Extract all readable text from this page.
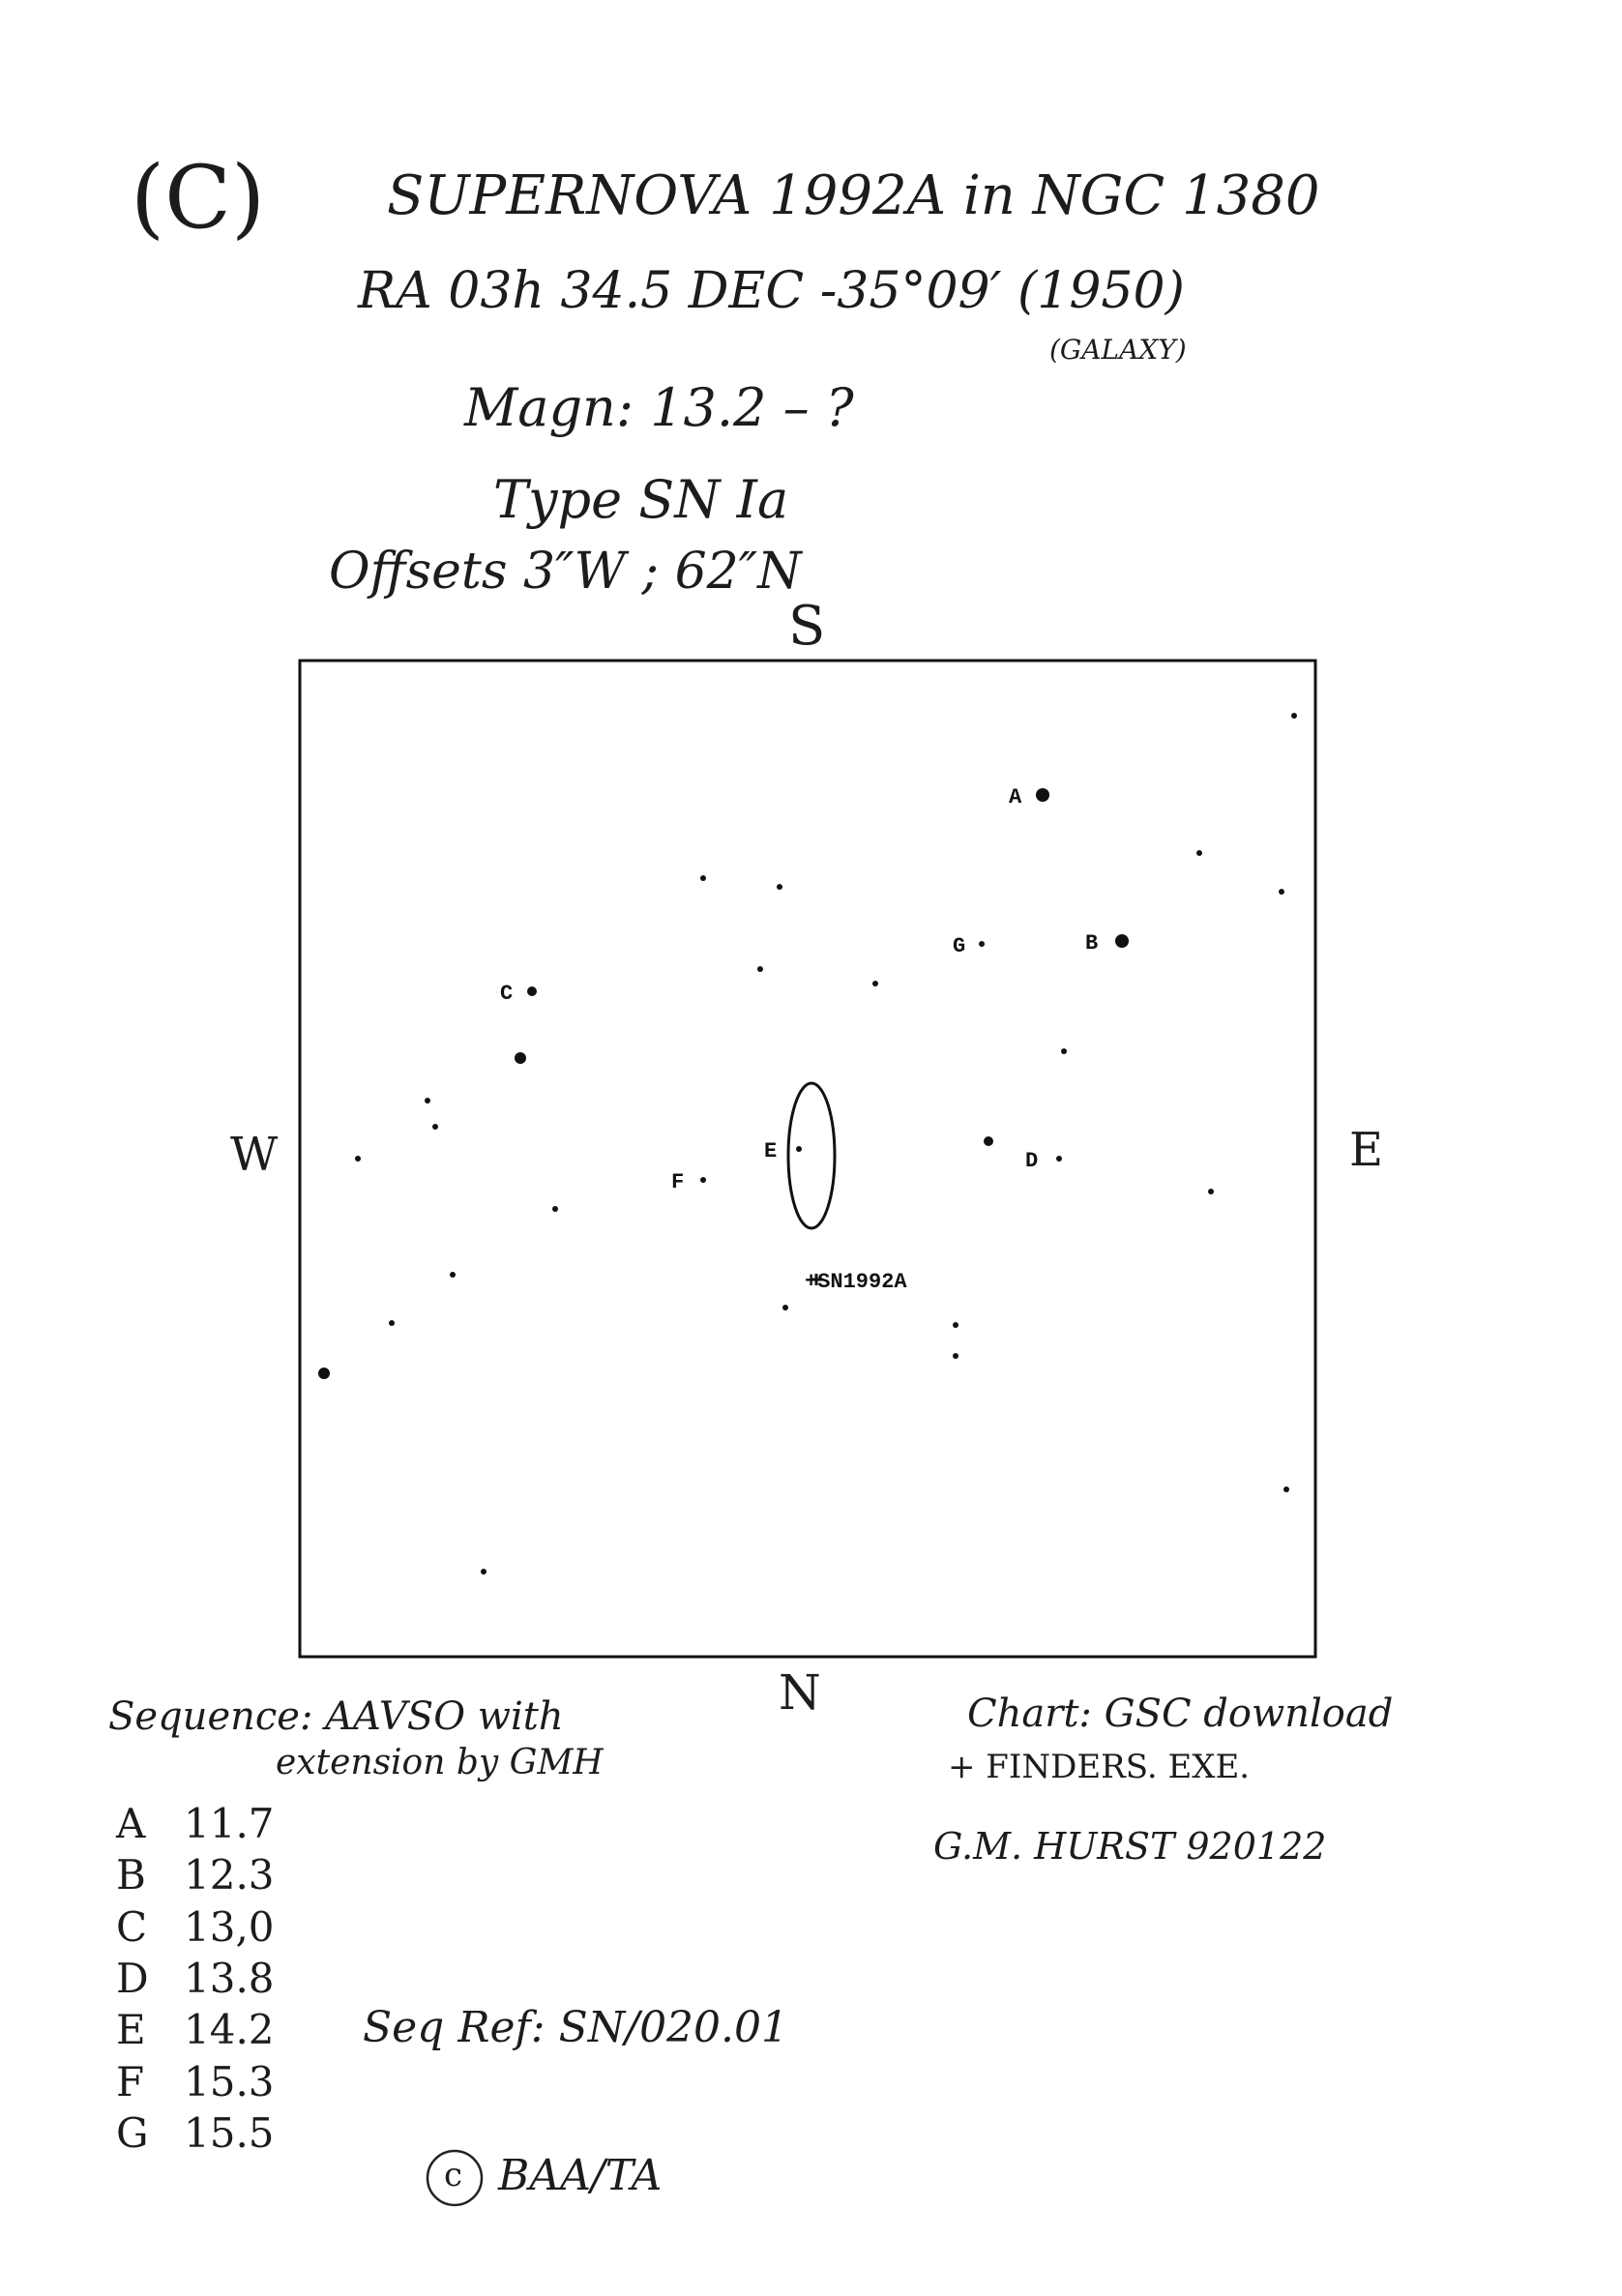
(C) SUPERNOVA 1992A in NGC 1380
RA 03h 34.5 DEC -35°09′ (1950)
(GALAXY)
Magn: 13.2 – ?
Type SN Ia
Offsets 3″W ; 62″N
S
N
W	E
A
B
C
D
E
F
G
+SN1992A
Sequence: AAVSO with
extension by GMH
A 11.7
B 12.3
C 13,0
D 13.8
E 14.2
F 15.3
G 15.5
Chart: GSC download
+ FINDERS. EXE.
G.M. HURST 920122
Seq Ref: SN/020.01
c BAA/TA
